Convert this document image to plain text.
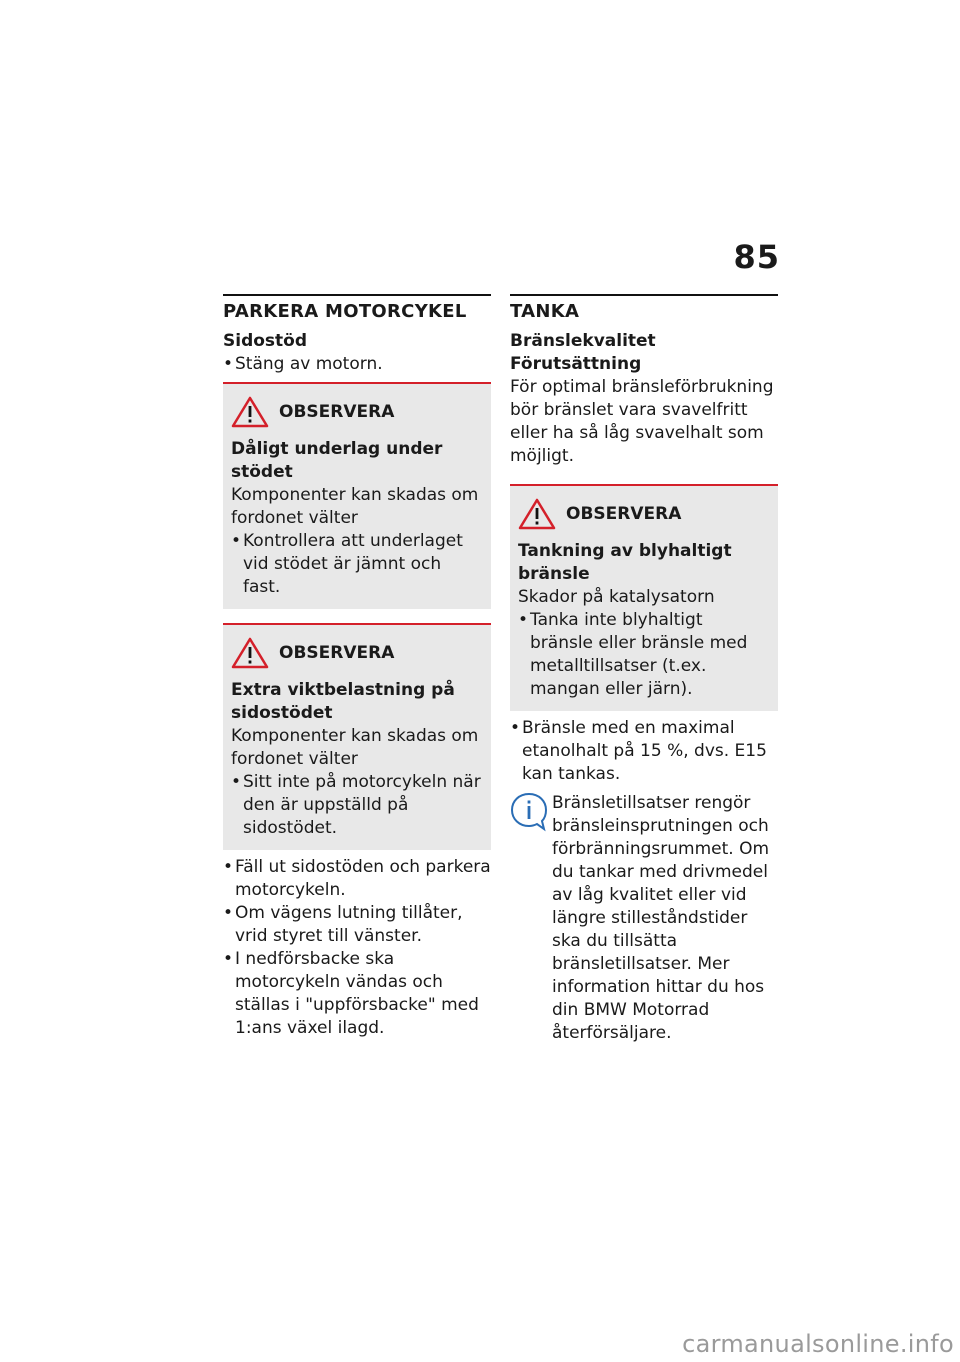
85
PARKERA MOTORCYKEL
Sidostöd
• Stäng av motorn.
OBSERVERA
Dåligt underlag under stödet
Komponenter kan skadas om fordonet välter
• Kontrollera att underlaget vid stödet är jämnt och fast.
OBSERVERA
Extra viktbelastning på sidostödet
Komponenter kan skadas om fordonet välter
• Sitt inte på motorcykeln när den är uppställd på sidostödet.
• Fäll ut sidostöden och parkera motorcykeln.
• Om vägens lutning tillåter, vrid styret till vänster.
• I nedförsbacke ska motorcykeln vändas och ställas i "uppförsbacke" med 1:ans växel ilagd.
TANKA
Bränslekvalitet
Förutsättning
För optimal bränsleförbrukning bör bränslet vara svavelfritt eller ha så låg svavelhalt som möjligt.
OBSERVERA
Tankning av blyhaltigt bränsle
Skador på katalysatorn
• Tanka inte blyhaltigt bränsle eller bränsle med metalltillsatser (t.ex. mangan eller järn).
• Bränsle med en maximal etanolhalt på 15 %, dvs. E15 kan tankas.
Bränsletillsatser rengör bränsleinsprutningen och förbränningsrummet. Om du tankar med drivmedel av låg kvalitet eller vid längre stilleståndstider ska du tillsätta bränsletillsatser. Mer information hittar du hos din BMW Motorrad återförsäljare.
carmanualsonline.info
